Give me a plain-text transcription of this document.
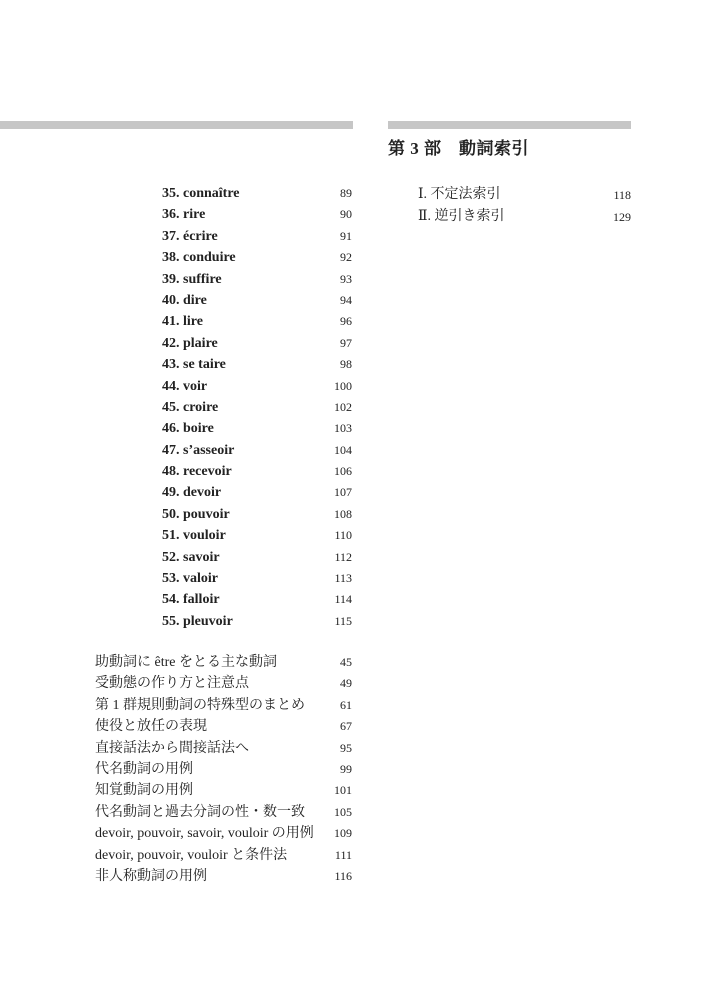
第 3 部　動詞索引
35. connaître	89
36. rire	90
37. écrire	91
38. conduire	92
39. suffire	93
40. dire	94
41. lire	96
42. plaire	97
43. se taire	98
44. voir	100
45. croire	102
46. boire	103
47. s’asseoir	104
48. recevoir	106
49. devoir	107
50. pouvoir	108
51. vouloir	110
52. savoir	112
53. valoir	113
54. falloir	114
55. pleuvoir	115
助動詞に être をとる主な動詞	45
受動態の作り方と注意点	49
第 1 群規則動詞の特殊型のまとめ	61
使役と放任の表現	67
直接話法から間接話法へ	95
代名動詞の用例	99
知覚動詞の用例	101
代名動詞と過去分詞の性・数一致 105
devoir, pouvoir, savoir, vouloir の用例 109
devoir, pouvoir, vouloir と条件法	111
非人称動詞の用例	116
Ⅰ. 不定法索引	118
Ⅱ. 逆引き索引	129
